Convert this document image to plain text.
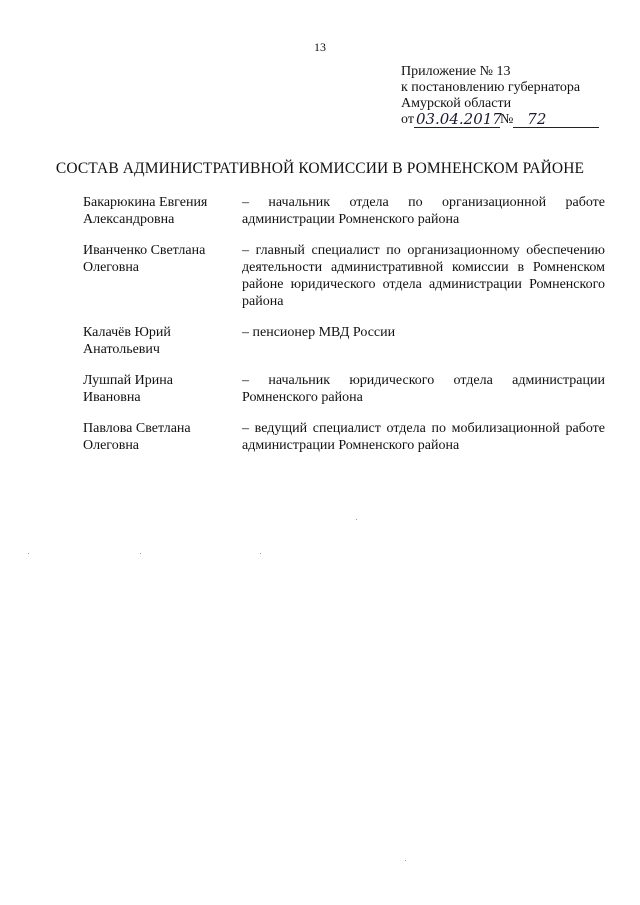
13
Приложение № 13
к постановлению губернатора
Амурской области
от 03.04.2017
№ 72
СОСТАВ АДМИНИСТРАТИВНОЙ КОМИССИИ В РОМНЕНСКОМ РАЙОНЕ
Бакарюкина Евгения
Александровна
– начальник отдела по организационной работе администрации Ромненского района
Иванченко Светлана
Олеговна
– главный специалист по организационному обеспечению деятельности административной комиссии в Ромненском районе юридического отдела администрации Ромненского района
Калачёв Юрий
Анатольевич
– пенсионер МВД России
Лушпай Ирина
Ивановна
– начальник юридического отдела администрации Ромненского района
Павлова Светлана
Олеговна
– ведущий специалист отдела по мобилизационной работе администрации Ромненского района
